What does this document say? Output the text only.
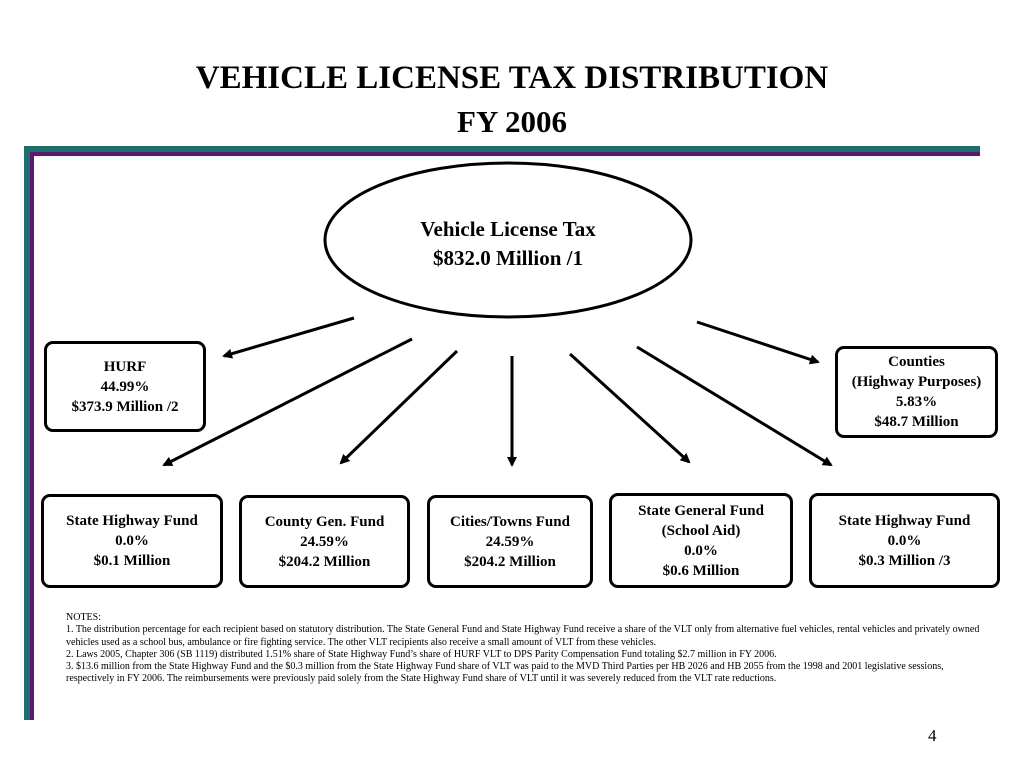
VEHICLE LICENSE TAX DISTRIBUTION
FY 2006
Vehicle License Tax
$832.0 Million /1
HURF
44.99%
$373.9 Million /2
Counties
(Highway Purposes)
5.83%
$48.7 Million
State Highway Fund
0.0%
$0.1 Million
County Gen. Fund
24.59%
$204.2 Million
Cities/Towns Fund
24.59%
$204.2 Million
State General Fund
(School Aid)
0.0%
$0.6 Million
State Highway Fund
0.0%
$0.3 Million /3
NOTES:
1. The distribution percentage for each recipient based on statutory distribution. The State General Fund and State Highway Fund receive a share of the VLT only from alternative fuel vehicles, rental vehicles and privately owned vehicles used as a school bus, ambulance or fire fighting service. The other VLT recipients also receive a small amount of VLT from these vehicles.
2. Laws 2005, Chapter 306 (SB 1119) distributed 1.51% share of State Highway Fund’s share of HURF VLT to DPS Parity Compensation Fund totaling $2.7 million in FY 2006.
3. $13.6 million from the State Highway Fund and the $0.3 million from the State Highway Fund share of VLT was paid to the MVD Third Parties per HB 2026 and HB 2055 from the 1998 and 2001 legislative sessions, respectively in FY 2006. The reimbursements were previously paid solely from the State Highway Fund share of VLT until it was severely reduced from the VLT rate reductions.
4
